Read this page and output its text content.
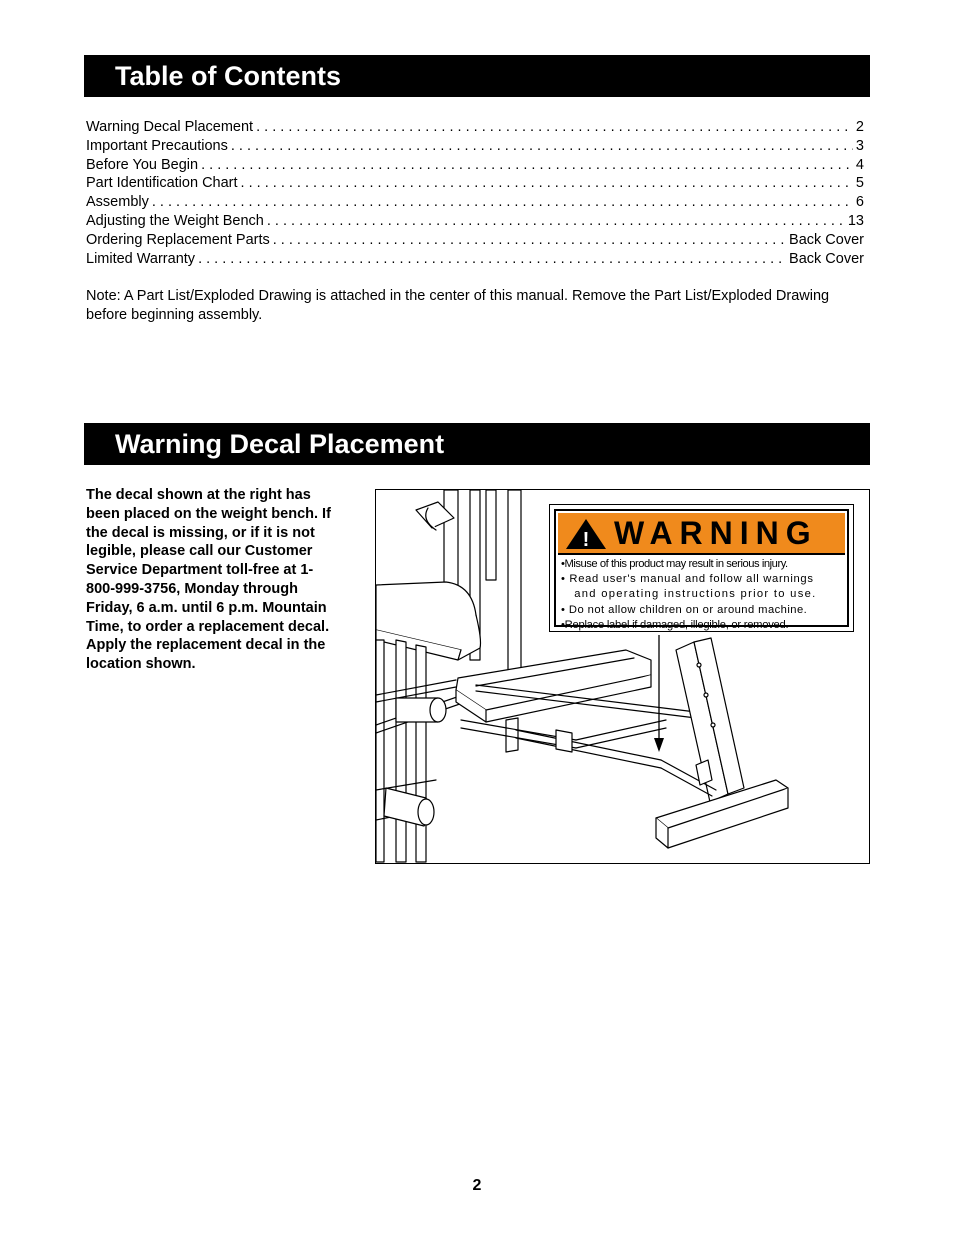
Table of Contents
Warning Decal Placement . . .	2
Important Precautions . . .	3
Before You Begin . . .	4
Part Identification Chart . . .	5
Assembly . . .	6
Adjusting the Weight Bench . . .	13
Ordering Replacement Parts . . .	Back Cover
Limited Warranty . . .	Back Cover
Note: A Part List/Exploded Drawing is attached in the center of this manual. Remove the Part List/Exploded Drawing before beginning assembly.
Warning Decal Placement
The decal shown at the right has been placed on the weight bench. If the decal is missing, or if it is not legible, please call our Customer Service Department toll-free at 1-800-999-3756, Monday through Friday, 6 a.m. until 6 p.m. Mountain Time, to order a replacement decal. Apply the replacement decal in the location shown.
! WARNING
•Misuse of this product may result in serious injury.
• Read user's manual and follow all warnings
and operating instructions prior to use.
• Do not allow children on or around machine.
•Replace label if damaged, illegible, or removed.
2
